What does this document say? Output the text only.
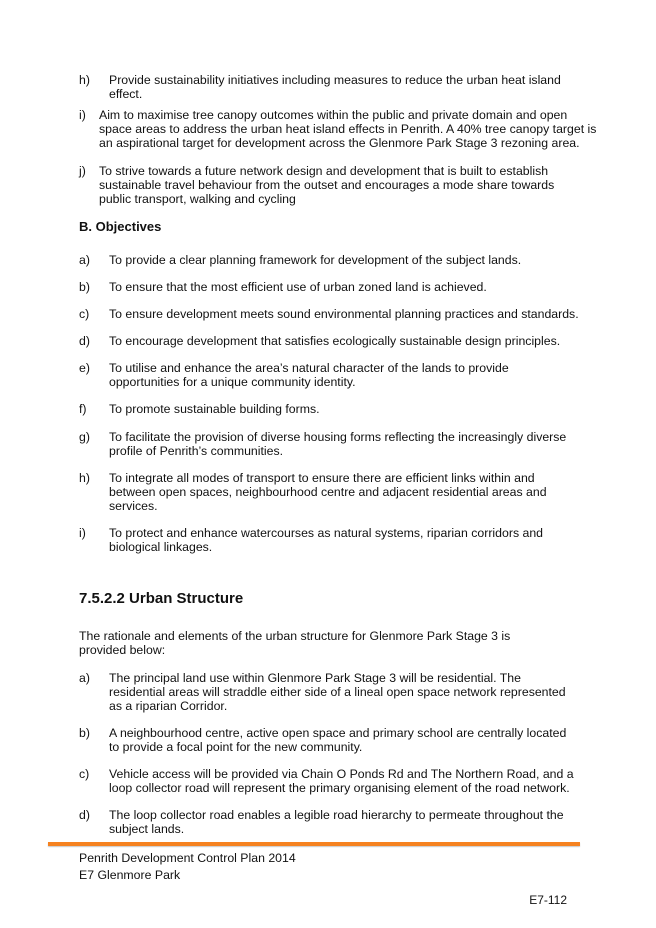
h)	Provide sustainability initiatives including measures to reduce the urban heat island effect.
i)	Aim to maximise tree canopy outcomes within the public and private domain and open space areas to address the urban heat island effects in Penrith. A 40% tree canopy target is an aspirational target for development across the Glenmore Park Stage 3 rezoning area.
j)	To strive towards a future network design and development that is built to establish sustainable travel behaviour from the outset and encourages a mode share towards public transport, walking and cycling
B. Objectives
a)	To provide a clear planning framework for development of the subject lands.
b)	To ensure that the most efficient use of urban zoned land is achieved.
c)	To ensure development meets sound environmental planning practices and standards.
d)	To encourage development that satisfies ecologically sustainable design principles.
e)	To utilise and enhance the area’s natural character of the lands to provide opportunities for a unique community identity.
f)	To promote sustainable building forms.
g)	To facilitate the provision of diverse housing forms reflecting the increasingly diverse profile of Penrith’s communities.
h)	To integrate all modes of transport to ensure there are efficient links within and between open spaces, neighbourhood centre and adjacent residential areas and services.
i)	To protect and enhance watercourses as natural systems, riparian corridors and biological linkages.
7.5.2.2 Urban Structure
The rationale and elements of the urban structure for Glenmore Park Stage 3 is provided below:
a)	The principal land use within Glenmore Park Stage 3 will be residential. The residential areas will straddle either side of a lineal open space network represented as a riparian Corridor.
b)	A neighbourhood centre, active open space and primary school are centrally located to provide a focal point for the new community.
c)	Vehicle access will be provided via Chain O Ponds Rd and The Northern Road, and a loop collector road will represent the primary organising element of the road network.
d)	The loop collector road enables a legible road hierarchy to permeate throughout the subject lands.
Penrith Development Control Plan 2014
E7 Glenmore Park
E7-112
